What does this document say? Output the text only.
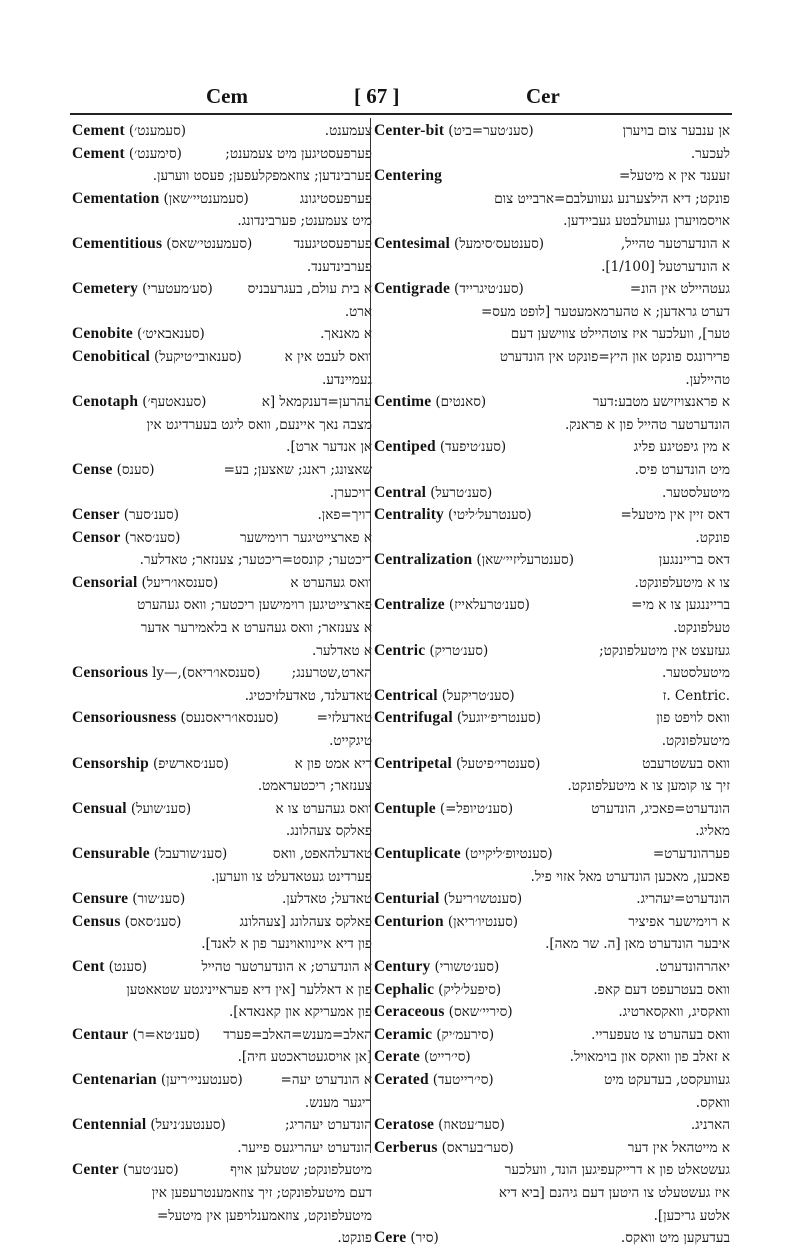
Cem	[ 67 ]	Cer
Cement (סעמענט׳)	צעמענט.
Cement (סימענט׳)	פערפעסטיגען מיט צעמענט;
פערבינדען; צוזאמפקלעפען; פעסט ווערען.
Cementation (סעמענטיי׳שאן)	פערפעסטיגונג
מיט צעמענט; פערבינדונג.
Cementitious (סעמענטי׳שאס)	פערפעסטיגענד
פערבינדענד.
Cemetery (סע׳מעטערי)	א בית עולם, בעגרעבניס
ארט.
Cenobite (סענאבאיט׳)	א מאנאך.
Cenobitical (סענאובי׳טיקעל)	וואס לעבט אין א
געמיינדע.
Cenotaph (סענאטעף׳)	עהרען=דענקמאל [א
מצבה נאך איינעם, וואס ליגט בעערדיגט אין
אן אנדער ארט].
Cense (סענס)	שאצונג; ראנג; שאצען; בע=
רויכערן.
Censer (סענ׳סער)	רויך=פאן.
Censor (סענ׳סאר)	א פארצייטיגער רוימישער
ריכטער; קונסט=ריכטער; צענזאר; טאדלער.
Censorial (סענסאו׳ריעל)	וואס געהערט א
פארצייטיגען רוימישען ריכטער; וואס געהערט
א צענזאר; וואס געהערט א בלאמירער אדער
א טאדלער.
Censorious (סענסאו׳ריאס),—ly	הארט,שטרענג;
טאדעלנד, טאדעלזיכטיג.
Censoriousness (סענסאו׳ריאסנעס)	טאדעלזי=
טיגקייט.
Censorship (סענ׳סארשיפ)	דיא אמט פון א
צענזאר; ריכטעראמט.
Censual (סענ׳שועל)	וואס געהערט צו א
פאלקס צעהלונג.
Censurable (סענ׳שורעבל)	טאדעלהאפט, וואס
פערדינט געטאדעלט צו ווערען.
Censure (סענ׳שור)	טאדעל; טאדלען.
Census (סענ׳סאס)	פאלקס צעהלונג [צעהלונג
פון דיא איינוואוינער פון א לאנד].
Cent (סענט)	א הונדערט; א הונדערטער טהייל
פון א דאללער [אין דיא פעראייניגטע שטאאטען
פון אמעריקא און קאנאדא].
Centaur (סענ׳טא=ר)	האלב=מענש=האלב=פערד
[אן אויסגעטראכטע חיה].
Centenarian (סענטעניי׳ריען)	א הונדערט יעה=
ריגער מענש.
Centennial (סענטענ׳ניעל)	הונדערט יעהריג;
הונדערט יעהריגעס פייער.
Center (סענ׳טער)	מיטעלפונקט; שטעלען אויף
דעם מיטעלפונקט; זיך צוזאמענטרעפען אין
מיטעלפונקט, צוזאמענלויפען אין מיטעל=
פונקט.
Center-bit (סענ׳טער=ביט)	אן ענבער צום בויערן
לעכער.
Centering	זעענד אין א מיטעל=
פונקט; דיא הילצערנע געוועלבם=ארבייט צום
אויסמויערן געוועלבטע געביידען.
Centesimal (סענטעס׳סימעל)	א הונדערטער טהייל,
א הונדערטעל [1/100].
Centigrade (סענ׳טיגרייד)	געטהיילט אין הונ=
דערט גראדען; א טהערמאמעטער [לופט מעס=
טער], וועלכער איז צוטהיילט צווישען דעם
פרירונגס פונקט און היץ=פונקט אין הונדערט
טהיילען.
Centime (סאנטים)	א פראנצויזישע מטבע:דער
הונדערטער טהייל פון א פראנק.
Centiped (סענ׳טיפעד)	א מין גיפטיגע פליג
מיט הונדערט פיס.
Central (סענ׳טרעל)	מיטעלסטער.
Centrality (סענטרעל׳ליטי)	דאס זיין אין מיטעל=
פונקט.
Centralization (סענטרעליזיי׳שאן)	דאס ברייננגען
צו א מיטעלפונקט.
Centralize (סענ׳טרעלאייז)	ברייננגען צו א מי=
טעלפונקט.
Centric (סענ׳טריק)	געזעצט אין מיטעלפונקט;
מיטעלסטער.
Centrical (סענ׳טריקעל)	.Centric .ז
Centrifugal (סענטריפ׳יוגעל)	וואס לויפט פון
מיטעלפונקט.
Centripetal (סענטרי׳פיטעל)	וואס בעשטרעבט
זיך צו קומען צו א מיטעלפונקט.
Centuple (סענ׳טיופל=)	הונדערט=פאכיג, הונדערט
מאליג.
Centuplicate (סענטיופ׳ליקייט)	פערהונדערט=
פאכען, מאכען הונדערט מאל אזוי פיל.
Centurial (סענטשו׳ריעל)	הונדערט=יעהריג.
Centurion (סענטיו׳ריאן)	א רוימישער אפיציר
איבער הונדערט מאן [ה. שר מאה].
Century (סענ׳טשורי)	יאהרהונדערט.
Cephalic (סיפעל׳ליק)	וואס בעטרעפט דעם קאפ.
Ceraceous (סיריי׳שאס)	וואקסיג, וואקסארטיג.
Ceramic (סירעמ׳יק)	וואס בעהערט צו טעפעריי.
Cerate (סי׳רייט)	א זאלב פון וואקס און בוימאויל.
Cerated (סי׳רייטעד)	געוועקסט, בעדעקט מיט
וואקס.
Ceratose (סער׳עטאוז)	הארניג.
Cerberus (סער׳בעראס)	א מייטהאל אין דער
געשטאלט פון א דרייקעפיגען הונד, וועלכער
איז געשטעלט צו היטען דעם גיהנם [ביא דיא
אלטע גריכען].
Cere (סיר)	בעדעקען מיט וואקס.
